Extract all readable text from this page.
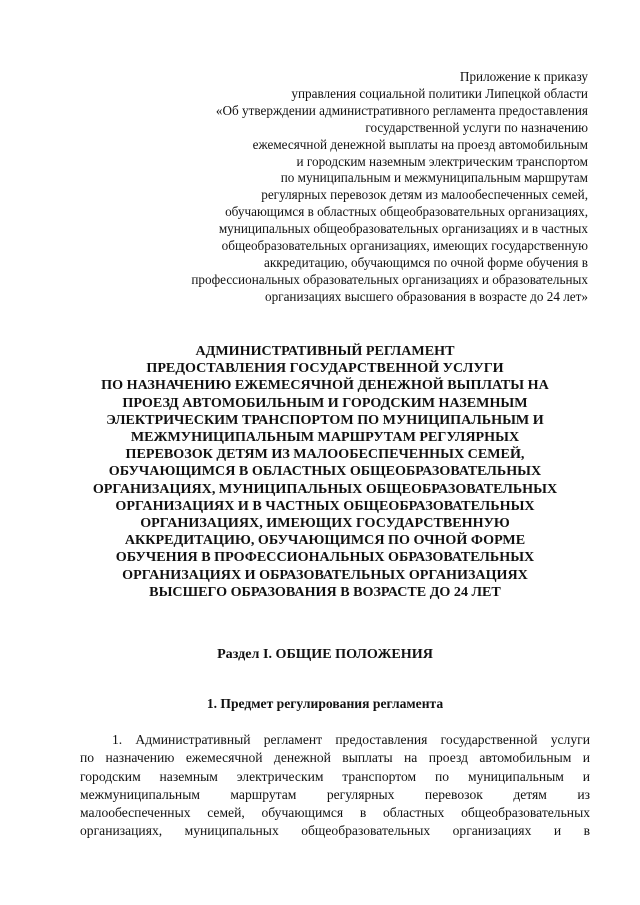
Приложение к приказу
управления социальной политики Липецкой области
«Об утверждении административного регламента предоставления
государственной услуги по назначению
ежемесячной денежной выплаты на проезд автомобильным
и городским наземным электрическим транспортом
по муниципальным и межмуниципальным маршрутам
регулярных перевозок детям из малообеспеченных семей,
обучающимся в областных общеобразовательных организациях,
муниципальных общеобразовательных организациях и в частных
общеобразовательных организациях, имеющих государственную
аккредитацию, обучающимся по очной форме обучения в
профессиональных образовательных организациях и образовательных
организациях высшего образования в возрасте до 24 лет»
АДМИНИСТРАТИВНЫЙ РЕГЛАМЕНТ
ПРЕДОСТАВЛЕНИЯ ГОСУДАРСТВЕННОЙ УСЛУГИ
ПО НАЗНАЧЕНИЮ ЕЖЕМЕСЯЧНОЙ ДЕНЕЖНОЙ ВЫПЛАТЫ НА
ПРОЕЗД АВТОМОБИЛЬНЫМ И ГОРОДСКИМ НАЗЕМНЫМ
ЭЛЕКТРИЧЕСКИМ ТРАНСПОРТОМ ПО МУНИЦИПАЛЬНЫМ И
МЕЖМУНИЦИПАЛЬНЫМ МАРШРУТАМ РЕГУЛЯРНЫХ
ПЕРЕВОЗОК ДЕТЯМ ИЗ МАЛООБЕСПЕЧЕННЫХ СЕМЕЙ,
ОБУЧАЮЩИМСЯ В ОБЛАСТНЫХ ОБЩЕОБРАЗОВАТЕЛЬНЫХ
ОРГАНИЗАЦИЯХ, МУНИЦИПАЛЬНЫХ ОБЩЕОБРАЗОВАТЕЛЬНЫХ
ОРГАНИЗАЦИЯХ И В ЧАСТНЫХ ОБЩЕОБРАЗОВАТЕЛЬНЫХ
ОРГАНИЗАЦИЯХ, ИМЕЮЩИХ ГОСУДАРСТВЕННУЮ
АККРЕДИТАЦИЮ, ОБУЧАЮЩИМСЯ ПО ОЧНОЙ ФОРМЕ
ОБУЧЕНИЯ В ПРОФЕССИОНАЛЬНЫХ ОБРАЗОВАТЕЛЬНЫХ
ОРГАНИЗАЦИЯХ И ОБРАЗОВАТЕЛЬНЫХ ОРГАНИЗАЦИЯХ
ВЫСШЕГО ОБРАЗОВАНИЯ В ВОЗРАСТЕ ДО 24 ЛЕТ
Раздел I. ОБЩИЕ ПОЛОЖЕНИЯ
1. Предмет регулирования регламента
1. Административный регламент предоставления государственной услуги
по назначению ежемесячной денежной выплаты на проезд автомобильным и
городским наземным электрическим транспортом по муниципальным и
межмуниципальным маршрутам регулярных перевозок детям из
малообеспеченных семей, обучающимся в областных общеобразовательных
организациях, муниципальных общеобразовательных организациях и в
